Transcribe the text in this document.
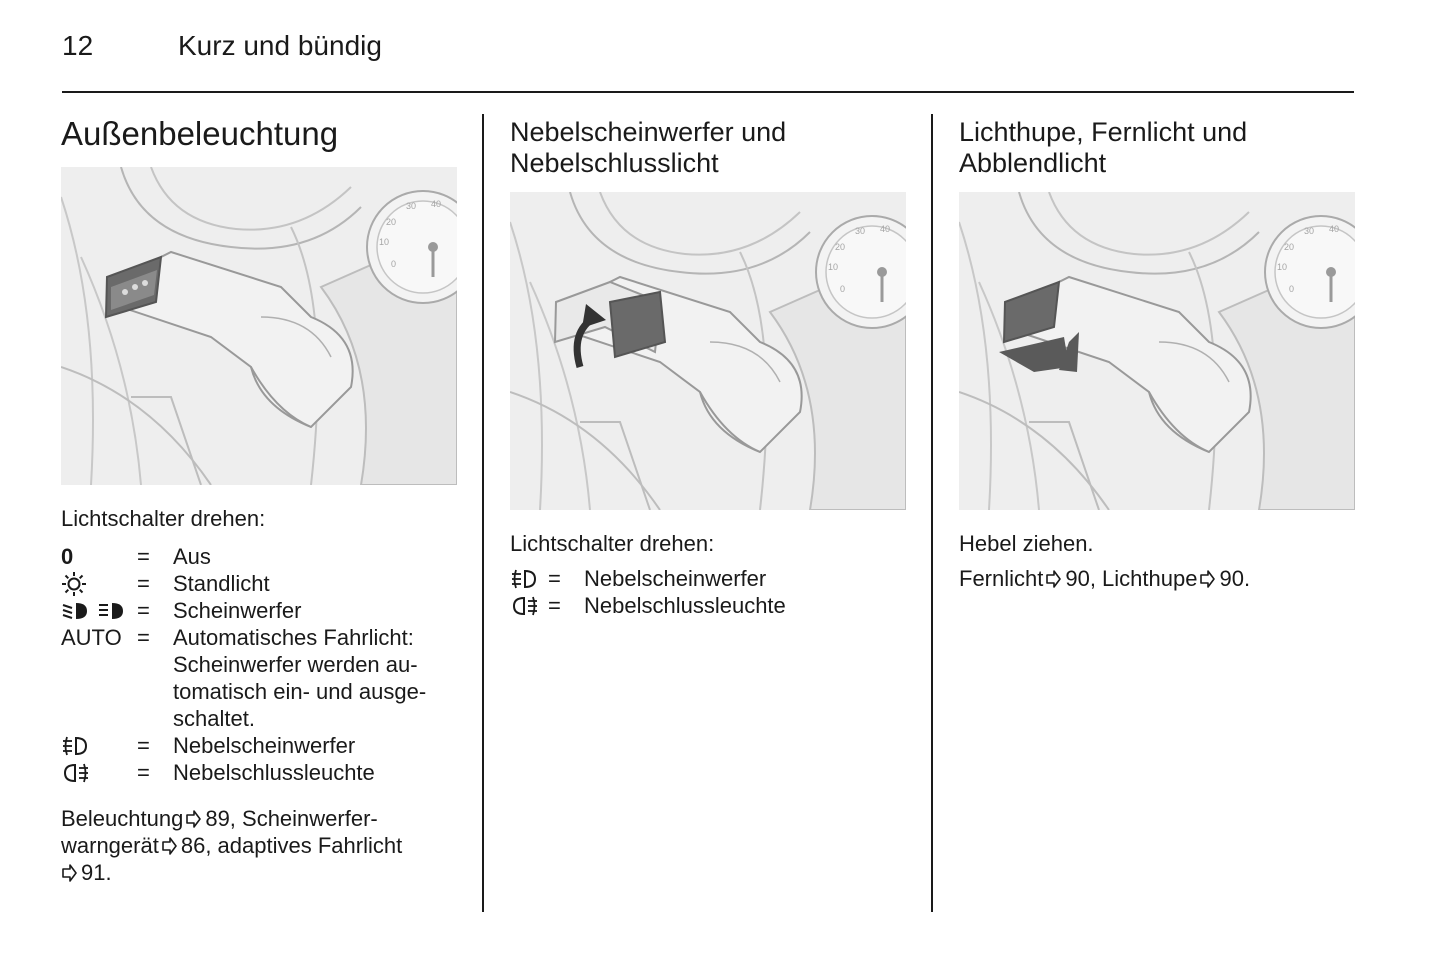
12	Kurz und bündig
Außenbeleuchtung
Lichtschalter drehen:
0	=	Aus
=	Standlicht
=	Scheinwerfer
AUTO =	Automatisches Fahrlicht: Scheinwerfer werden au-tomatisch ein- und ausge-schaltet.
=	Nebelscheinwerfer
=	Nebelschlussleuchte
Beleuchtung 89, Scheinwerfer-
warngerät 86, adaptives Fahrlicht
91.
Nebelscheinwerfer und
Nebelschlusslicht
Lichtschalter drehen:
=	Nebelscheinwerfer
=	Nebelschlussleuchte
Lichthupe, Fernlicht und
Abblendlicht
Hebel ziehen.
Fernlicht 90, Lichthupe 90.
